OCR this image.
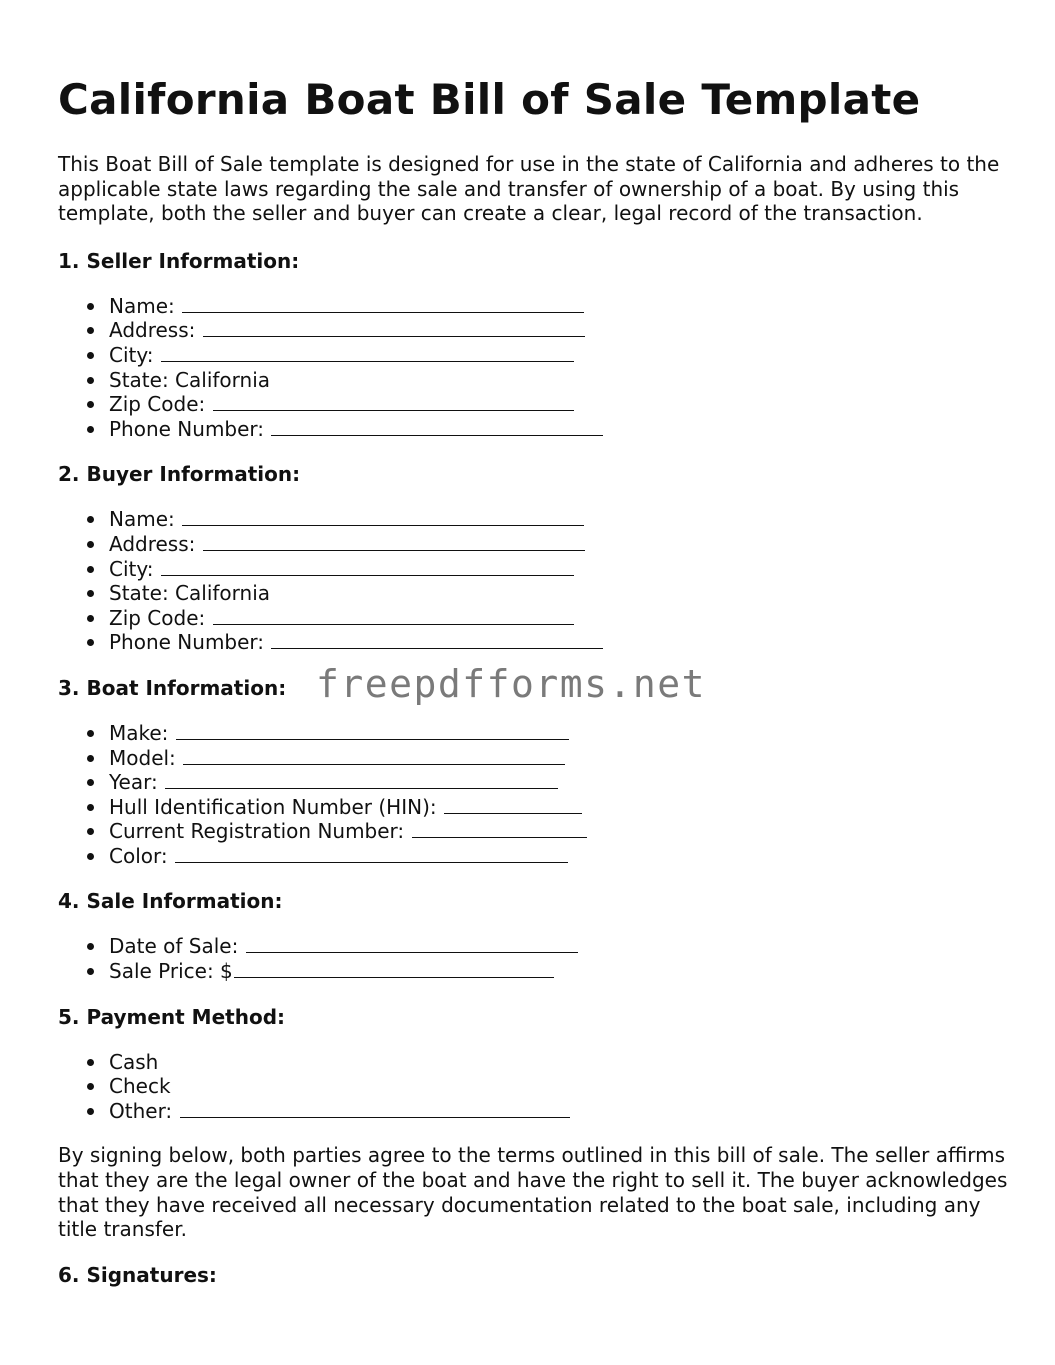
California Boat Bill of Sale Template

This Boat Bill of Sale template is designed for use in the state of California and adheres to the applicable state laws regarding the sale and transfer of ownership of a boat. By using this template, both the seller and buyer can create a clear, legal record of the transaction.

1. Seller Information:

Name:
Address:
City:
State: California
Zip Code:
Phone Number:

2. Buyer Information:

Name:
Address:
City:
State: California
Zip Code:
Phone Number:

3. Boat Information:

Make:
Model:
Year:
Hull Identification Number (HIN):
Current Registration Number:
Color:

4. Sale Information:

Date of Sale:
Sale Price: $

5. Payment Method:

Cash
Check
Other:

By signing below, both parties agree to the terms outlined in this bill of sale. The seller affirms that they are the legal owner of the boat and have the right to sell it. The buyer acknowledges that they have received all necessary documentation related to the boat sale, including any title transfer.

6. Signatures:

freepdfforms.net
